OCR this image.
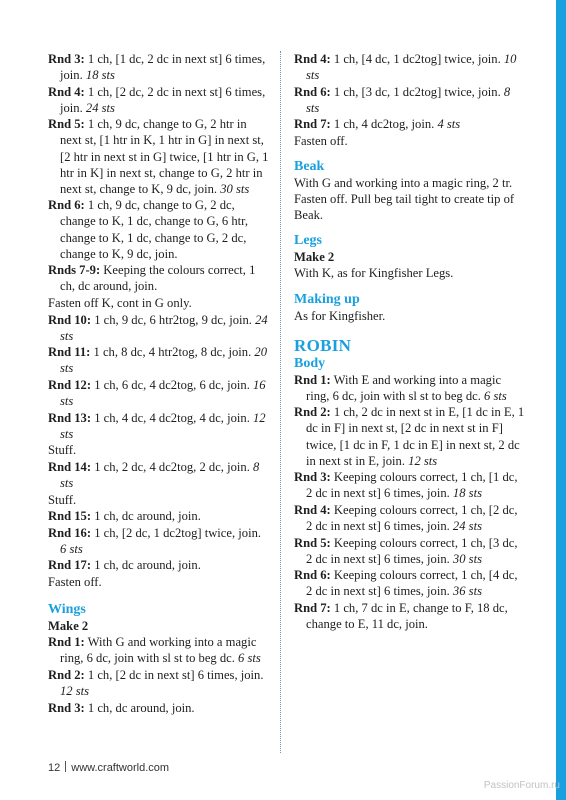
Rnd 3: 1 ch, [1 dc, 2 dc in next st] 6 times, join. 18 sts

Rnd 4: 1 ch, [2 dc, 2 dc in next st] 6 times, join. 24 sts

Rnd 5: 1 ch, 9 dc, change to G, 2 htr in next st, [1 htr in K, 1 htr in G] in next st, [2 htr in next st in G] twice, [1 htr in G, 1 htr in K] in next st, change to G, 2 htr in next st, change to K, 9 dc, join. 30 sts

Rnd 6: 1 ch, 9 dc, change to G, 2 dc, change to K, 1 dc, change to G, 6 htr, change to K, 1 dc, change to G, 2 dc, change to K, 9 dc, join.

Rnds 7-9: Keeping the colours correct, 1 ch, dc around, join.

Fasten off K, cont in G only.

Rnd 10: 1 ch, 9 dc, 6 htr2tog, 9 dc, join. 24 sts

Rnd 11: 1 ch, 8 dc, 4 htr2tog, 8 dc, join. 20 sts

Rnd 12: 1 ch, 6 dc, 4 dc2tog, 6 dc, join. 16 sts

Rnd 13: 1 ch, 4 dc, 4 dc2tog, 4 dc, join. 12 sts

Stuff.

Rnd 14: 1 ch, 2 dc, 4 dc2tog, 2 dc, join. 8 sts

Stuff.

Rnd 15: 1 ch, dc around, join.

Rnd 16: 1 ch, [2 dc, 1 dc2tog] twice, join. 6 sts

Rnd 17: 1 ch, dc around, join.

Fasten off.

Wings

Make 2

Rnd 1: With G and working into a magic ring, 6 dc, join with sl st to beg dc. 6 sts

Rnd 2: 1 ch, [2 dc in next st] 6 times, join. 12 sts

Rnd 3: 1 ch, dc around, join.

Rnd 4: 1 ch, [4 dc, 1 dc2tog] twice, join. 10 sts

Rnd 6: 1 ch, [3 dc, 1 dc2tog] twice, join. 8 sts

Rnd 7: 1 ch, 4 dc2tog, join. 4 sts

Fasten off.

Beak

With G and working into a magic ring, 2 tr. Fasten off. Pull beg tail tight to create tip of Beak.

Legs

Make 2

With K, as for Kingfisher Legs.

Making up

As for Kingfisher.

ROBIN
Body

Rnd 1: With E and working into a magic ring, 6 dc, join with sl st to beg dc. 6 sts

Rnd 2: 1 ch, 2 dc in next st in E, [1 dc in E, 1 dc in F] in next st, [2 dc in next st in F] twice, [1 dc in F, 1 dc in E] in next st, 2 dc in next st in E, join. 12 sts

Rnd 3: Keeping colours correct, 1 ch, [1 dc, 2 dc in next st] 6 times, join. 18 sts

Rnd 4: Keeping colours correct, 1 ch, [2 dc, 2 dc in next st] 6 times, join. 24 sts

Rnd 5: Keeping colours correct, 1 ch, [3 dc, 2 dc in next st] 6 times, join. 30 sts

Rnd 6: Keeping colours correct, 1 ch, [4 dc, 2 dc in next st] 6 times, join. 36 sts

Rnd 7: 1 ch, 7 dc in E, change to F, 18 dc, change to E, 11 dc, join.

12 www.craftworld.com
PassionForum.ru
